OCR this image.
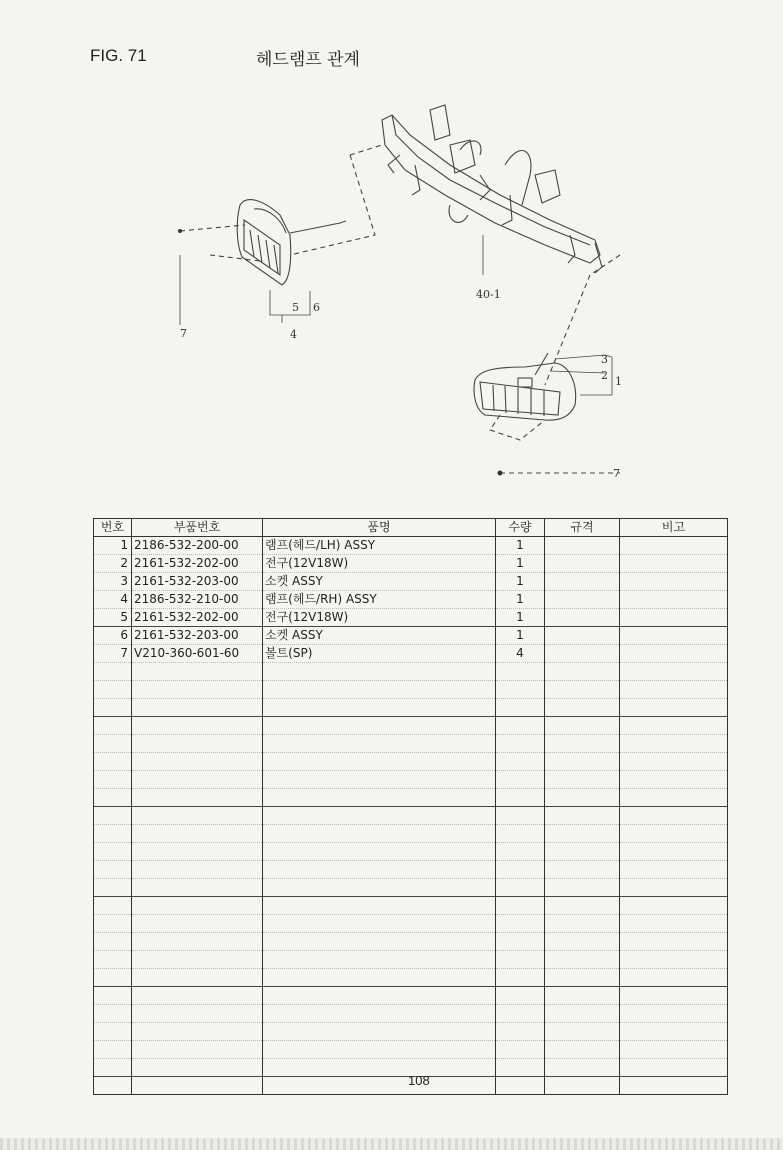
FIG. 71	헤드램프 관계
40-1
5 6
4
7
3
2 1
7
번호	부품번호	품명	수량	규격	비고
1	2186-532-200-00	램프(헤드/LH) ASSY	1		
2	2161-532-202-00	전구(12V18W)	1		
3	2161-532-203-00	소켓 ASSY	1		
4	2186-532-210-00	램프(헤드/RH) ASSY	1		
5	2161-532-202-00	전구(12V18W)	1		
6	2161-532-203-00	소켓 ASSY	1		
7	V210-360-601-60	볼트(SP)	4		

108
